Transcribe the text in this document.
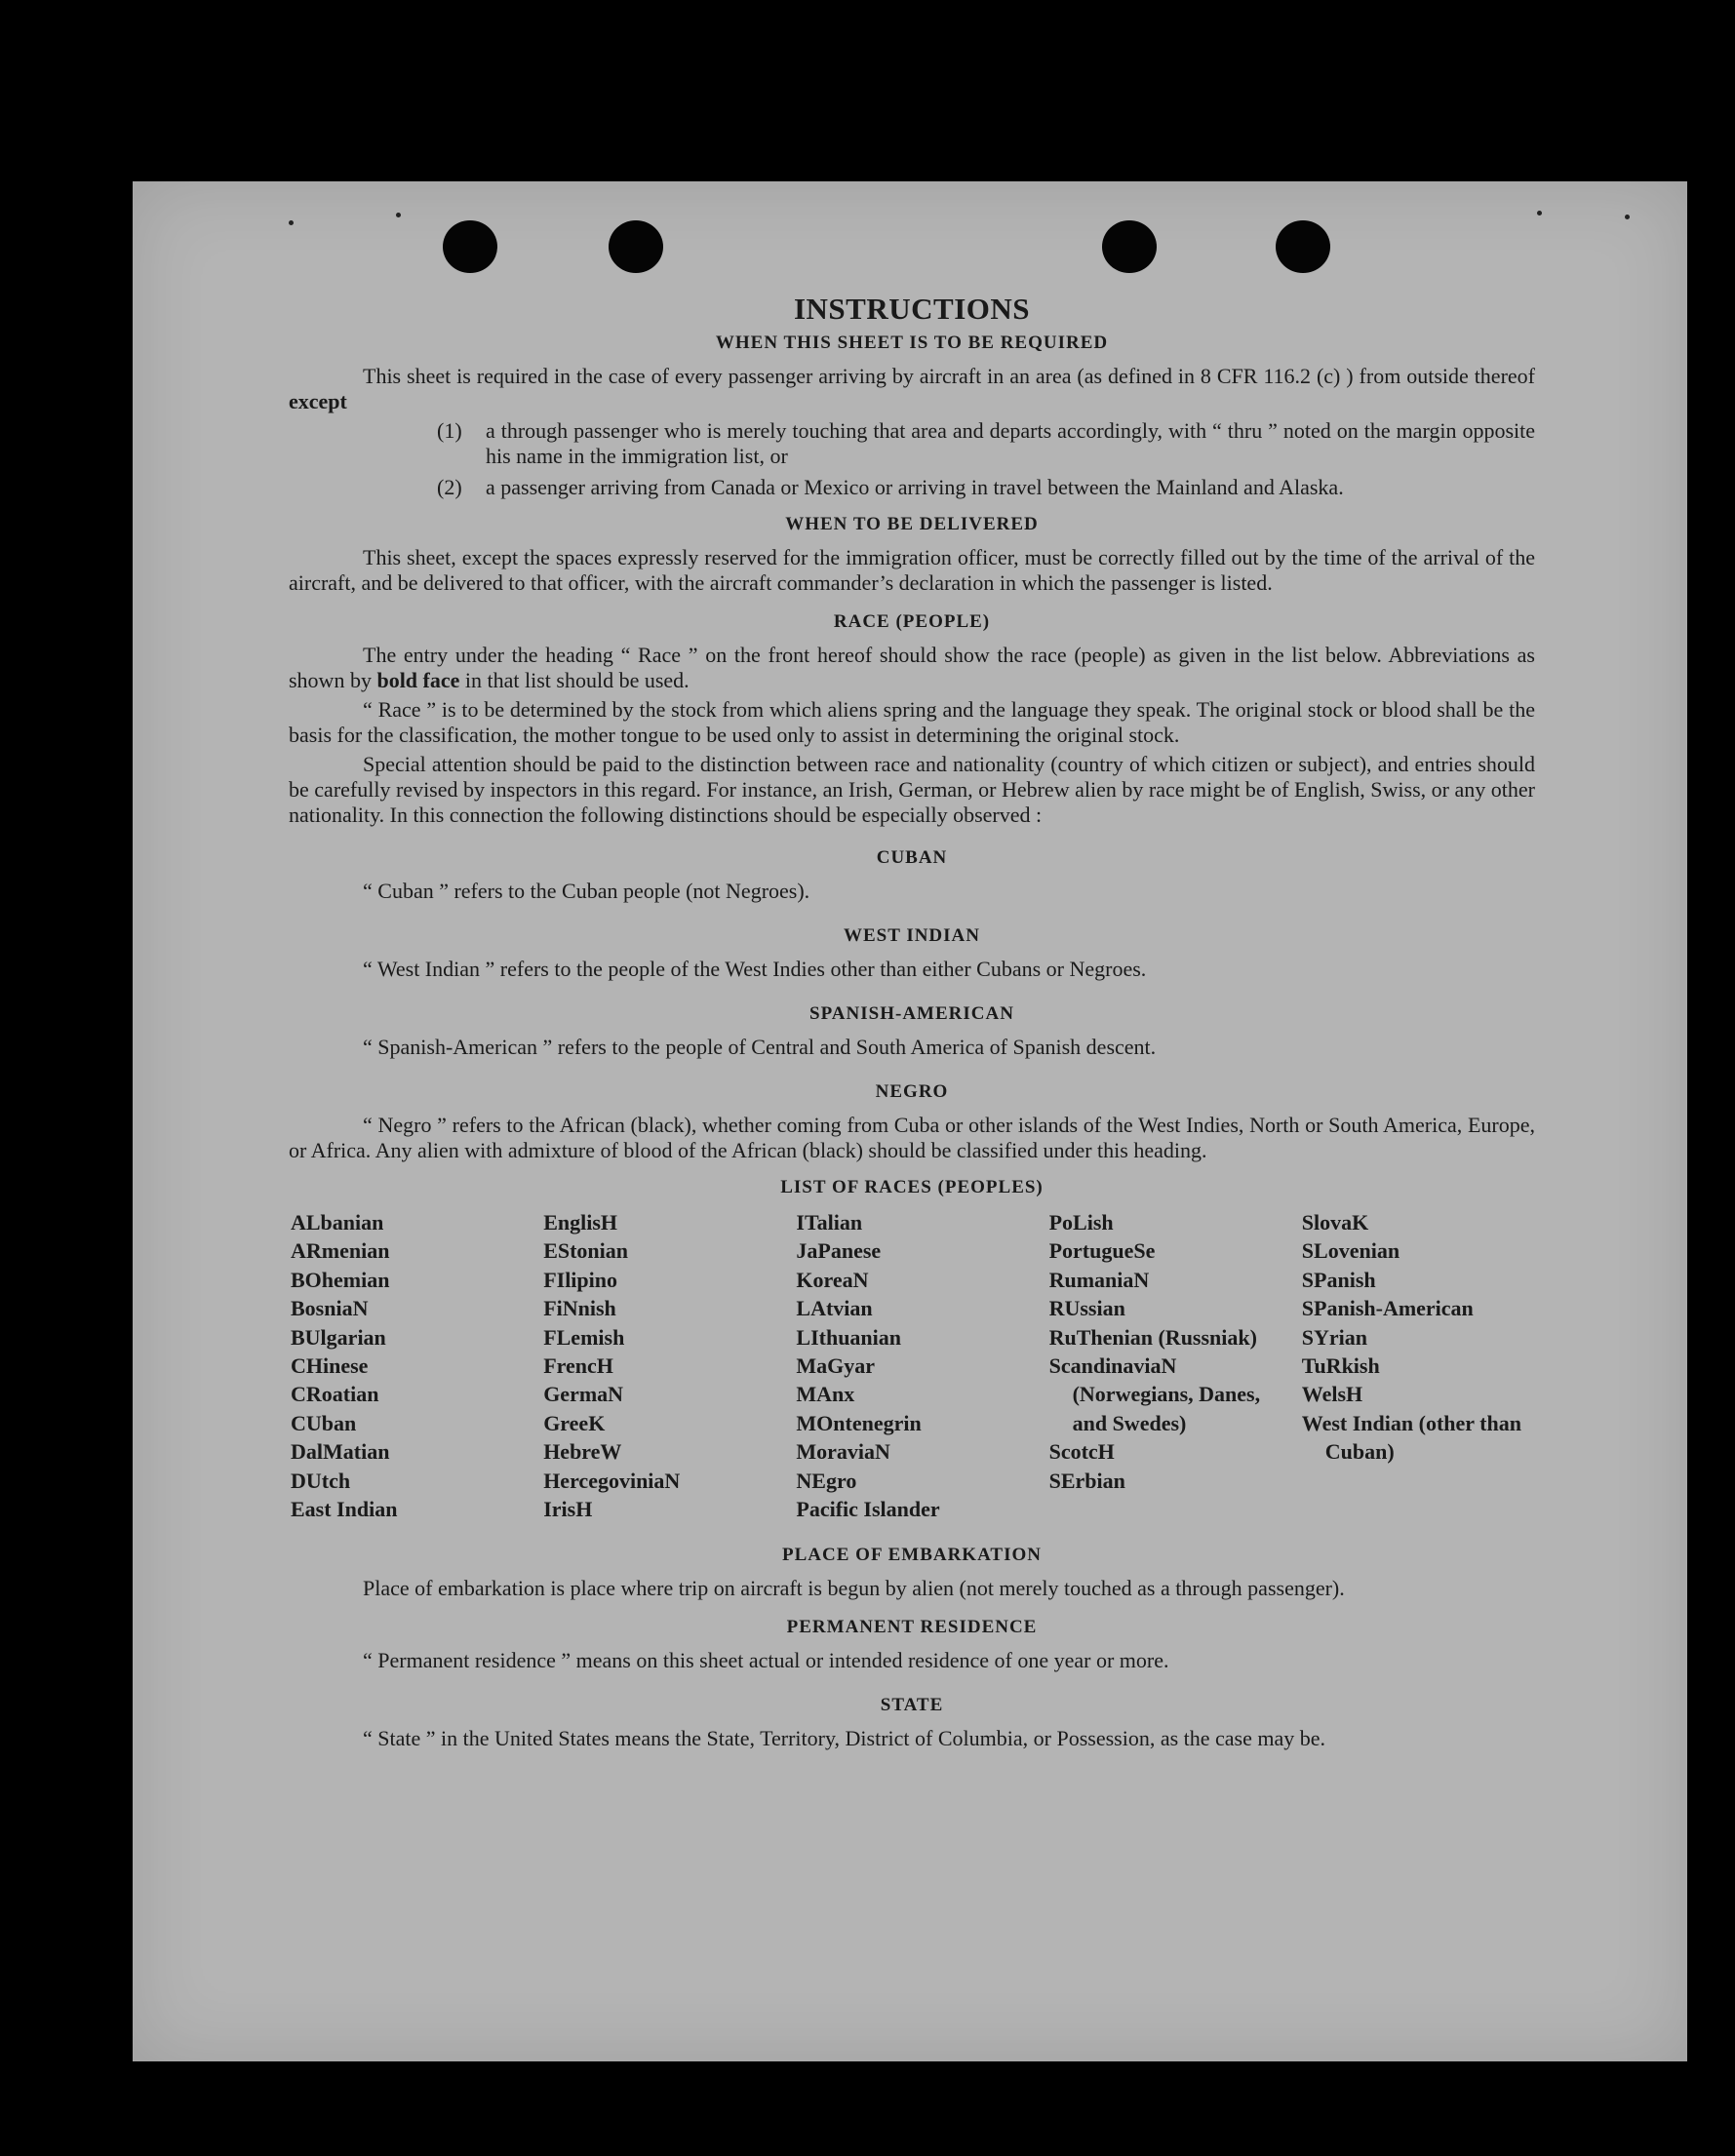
INSTRUCTIONS
WHEN THIS SHEET IS TO BE REQUIRED
This sheet is required in the case of every passenger arriving by aircraft in an area (as defined in 8 CFR 116.2 (c) ) from outside thereof except
(1)	a through passenger who is merely touching that area and departs accordingly, with “ thru ” noted on the margin opposite his name in the immigration list, or
(2)	a passenger arriving from Canada or Mexico or arriving in travel between the Mainland and Alaska.
WHEN TO BE DELIVERED
This sheet, except the spaces expressly reserved for the immigration officer, must be correctly filled out by the time of the arrival of the aircraft, and be delivered to that officer, with the aircraft commander’s declaration in which the passenger is listed.
RACE (PEOPLE)
The entry under the heading “ Race ” on the front hereof should show the race (people) as given in the list below. Abbreviations as shown by bold face in that list should be used.
“ Race ” is to be determined by the stock from which aliens spring and the language they speak. The original stock or blood shall be the basis for the classification, the mother tongue to be used only to assist in determining the original stock.
Special attention should be paid to the distinction between race and nationality (country of which citizen or subject), and entries should be carefully revised by inspectors in this regard. For instance, an Irish, German, or Hebrew alien by race might be of English, Swiss, or any other nationality. In this connection the following distinctions should be especially observed :
CUBAN
“ Cuban ” refers to the Cuban people (not Negroes).
WEST INDIAN
“ West Indian ” refers to the people of the West Indies other than either Cubans or Negroes.
SPANISH-AMERICAN
“ Spanish-American ” refers to the people of Central and South America of Spanish descent.
NEGRO
“ Negro ” refers to the African (black), whether coming from Cuba or other islands of the West Indies, North or South America, Europe, or Africa. Any alien with admixture of blood of the African (black) should be classified under this heading.
LIST OF RACES (PEOPLES)
ALbanian
ARmenian
BOhemian
BosniaN
BUlgarian
CHinese
CRoatian
CUban
DalMatian
DUtch
East Indian
EnglisH
EStonian
FIlipino
FiNnish
FLemish
FrencH
GermaN
GreeK
HebreW
HercegoviniaN
IrisH
ITalian
JaPanese
KoreaN
LAtvian
LIthuanian
MaGyar
MAnx
MOntenegrin
MoraviaN
NEgro
Pacific Islander
PoLish
PortugueSe
RumaniaN
RUssian
RuThenian (Russniak)
ScandinaviaN (Norwegians, Danes, and Swedes)
ScotcH
SErbian
SlovaK
SLovenian
SPanish
SPanish-American
SYrian
TuRkish
WelsH
West Indian (other than Cuban)
PLACE OF EMBARKATION
Place of embarkation is place where trip on aircraft is begun by alien (not merely touched as a through passenger).
PERMANENT RESIDENCE
“ Permanent residence ” means on this sheet actual or intended residence of one year or more.
STATE
“ State ” in the United States means the State, Territory, District of Columbia, or Possession, as the case may be.
